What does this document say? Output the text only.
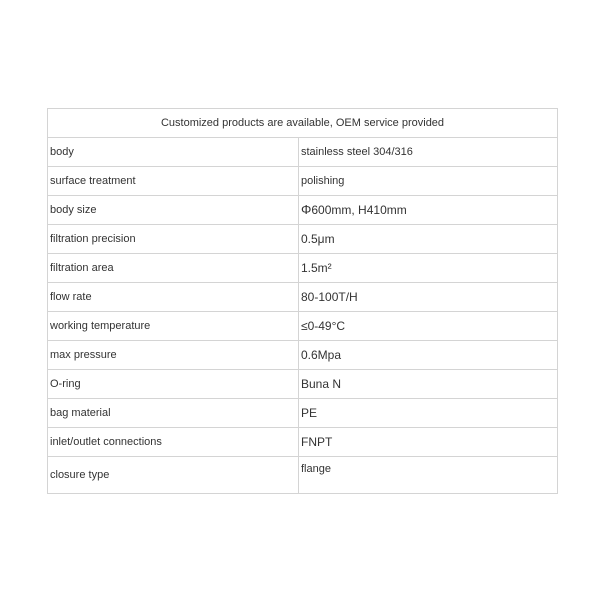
Customized products are available, OEM service provided	
body	stainless steel 304/316
surface treatment	polishing
body size	Φ600mm, H410mm
filtration precision	0.5μm
filtration area	1.5m²
flow rate	80-100T/H
working temperature	≤0-49°C
max pressure	0.6Mpa
O-ring	Buna N
bag material	PE
inlet/outlet connections	FNPT
closure type	flange
